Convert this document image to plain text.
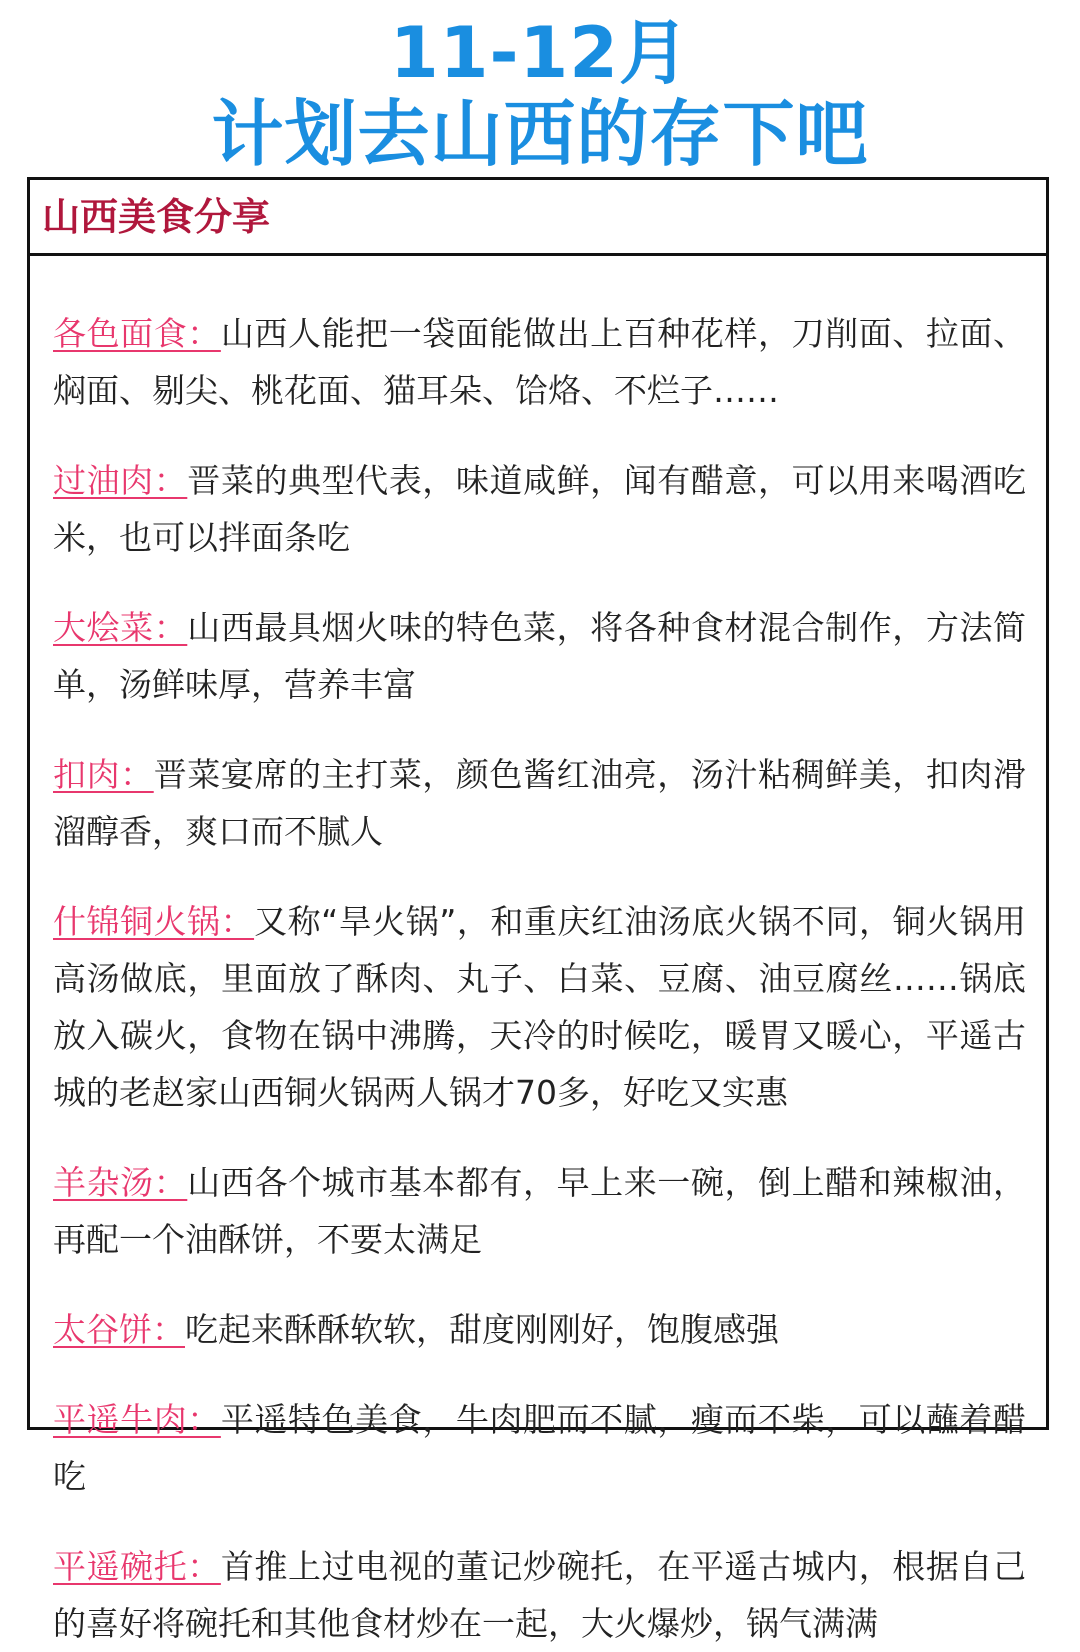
11-12月
计划去山西的存下吧
山西美食分享

各色面食：山西人能把一袋面能做出上百种花样，刀削面、拉面、焖面、剔尖、桃花面、猫耳朵、饸烙、不烂子……

过油肉：晋菜的典型代表，味道咸鲜，闻有醋意，可以用来喝酒吃米，也可以拌面条吃

大烩菜：山西最具烟火味的特色菜，将各种食材混合制作，方法简单，汤鲜味厚，营养丰富

扣肉：晋菜宴席的主打菜，颜色酱红油亮，汤汁粘稠鲜美，扣肉滑溜醇香，爽口而不腻人

什锦铜火锅：又称“旱火锅”，和重庆红油汤底火锅不同，铜火锅用高汤做底，里面放了酥肉、丸子、白菜、豆腐、油豆腐丝……锅底放入碳火，食物在锅中沸腾，天冷的时候吃，暖胃又暖心，平遥古城的老赵家山西铜火锅两人锅才70多，好吃又实惠

羊杂汤：山西各个城市基本都有，早上来一碗，倒上醋和辣椒油，再配一个油酥饼，不要太满足

太谷饼：吃起来酥酥软软，甜度刚刚好，饱腹感强

平遥牛肉：平遥特色美食，牛肉肥而不腻，瘦而不柴，可以蘸着醋吃

平遥碗托：首推上过电视的董记炒碗托，在平遥古城内，根据自己的喜好将碗托和其他食材炒在一起，大火爆炒，锅气满满
